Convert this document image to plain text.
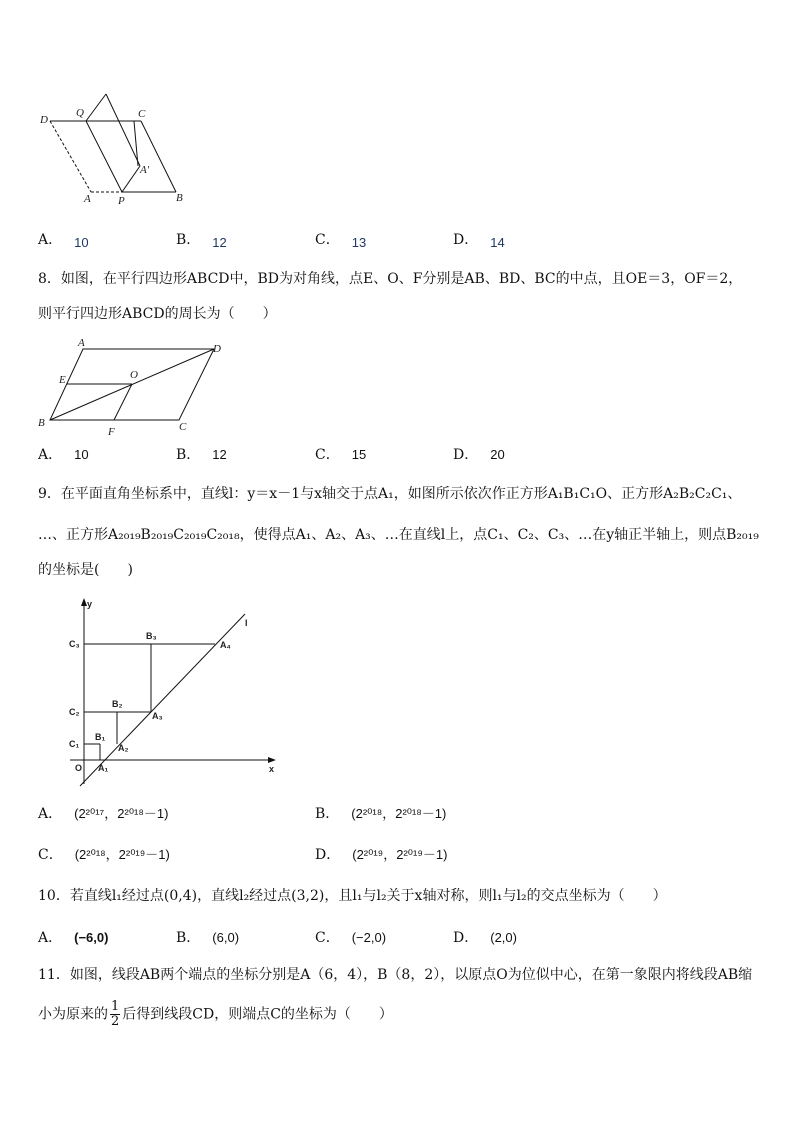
D
Q	C
A′
A P	B
A． 10	B． 12	C． 13	D． 14
8．如图，在平行四边形ABCD中，BD为对角线，点E、O、F分别是AB、BD、BC的中点，且OE＝3，OF＝2，
则平行四边形ABCD的周长为（　　）
A	D
E	O
B
F	C
A． 10	B． 12	C． 15	D． 20
9．在平面直角坐标系中，直线l：y＝x－1与x轴交于点A₁，如图所示依次作正方形A₁B₁C₁O、正方形A₂B₂C₂C₁、
…、正方形A₂₀₁₉B₂₀₁₉C₂₀₁₉C₂₀₁₈，使得点A₁、A₂、A₃、…在直线l上，点C₁、C₂、C₃、…在y轴正半轴上，则点B₂₀₁₉
的坐标是(　　)
y
x
l
O
C₁
C₂
C₃
B₁
B₂
B₃
A₁
A₂
A₃
A₄
A． (2²⁰¹⁷，2²⁰¹⁸－1)	B． (2²⁰¹⁸，2²⁰¹⁸－1)
C． (2²⁰¹⁸，2²⁰¹⁹－1)	D． (2²⁰¹⁹，2²⁰¹⁹－1)
10．若直线l₁经过点(0,4)，直线l₂经过点(3,2)，且l₁与l₂关于x轴对称，则l₁与l₂的交点坐标为（　　）
A． (−6,0)	B． (6,0)	C． (−2,0)	D． (2,0)
11．如图，线段AB两个端点的坐标分别是A（6，4），B（8，2），以原点O为位似中心，在第一象限内将线段AB缩
小为原来的 $\frac{1}{2}$ 后得到线段CD，则端点C的坐标为（　　）
